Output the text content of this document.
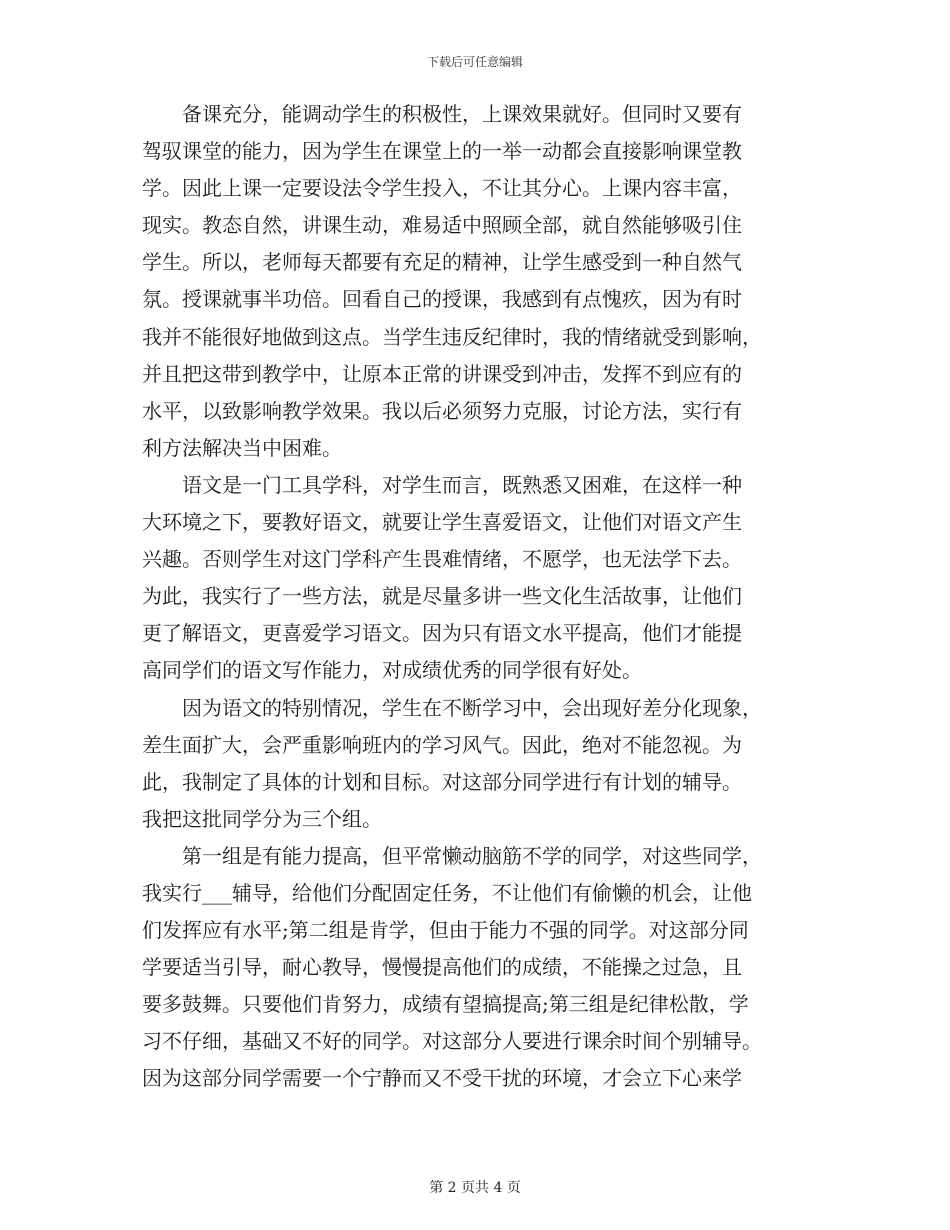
下载后可任意编辑
　　备课充分，能调动学生的积极性，上课效果就好。但同时又要有
驾驭课堂的能力，因为学生在课堂上的一举一动都会直接影响课堂教
学。因此上课一定要设法令学生投入，不让其分心。上课内容丰富，
现实。教态自然，讲课生动，难易适中照顾全部，就自然能够吸引住
学生。所以，老师每天都要有充足的精神，让学生感受到一种自然气
氛。授课就事半功倍。回看自己的授课，我感到有点愧疚，因为有时
我并不能很好地做到这点。当学生违反纪律时，我的情绪就受到影响，
并且把这带到教学中，让原本正常的讲课受到冲击，发挥不到应有的
水平，以致影响教学效果。我以后必须努力克服，讨论方法，实行有
利方法解决当中困难。
　　语文是一门工具学科，对学生而言，既熟悉又困难，在这样一种
大环境之下，要教好语文，就要让学生喜爱语文，让他们对语文产生
兴趣。否则学生对这门学科产生畏难情绪，不愿学，也无法学下去。
为此，我实行了一些方法，就是尽量多讲一些文化生活故事，让他们
更了解语文，更喜爱学习语文。因为只有语文水平提高，他们才能提
高同学们的语文写作能力，对成绩优秀的同学很有好处。
　　因为语文的特别情况，学生在不断学习中，会出现好差分化现象，
差生面扩大，会严重影响班内的学习风气。因此，绝对不能忽视。为
此，我制定了具体的计划和目标。对这部分同学进行有计划的辅导。
我把这批同学分为三个组。
　　第一组是有能力提高，但平常懒动脑筋不学的同学，对这些同学，
我实行___辅导，给他们分配固定任务，不让他们有偷懒的机会，让他
们发挥应有水平;第二组是肯学，但由于能力不强的同学。对这部分同
学要适当引导，耐心教导，慢慢提高他们的成绩，不能操之过急，且
要多鼓舞。只要他们肯努力，成绩有望搞提高;第三组是纪律松散，学
习不仔细，基础又不好的同学。对这部分人要进行课余时间个别辅导。
因为这部分同学需要一个宁静而又不受干扰的环境，才会立下心来学
第 2 页共 4 页
